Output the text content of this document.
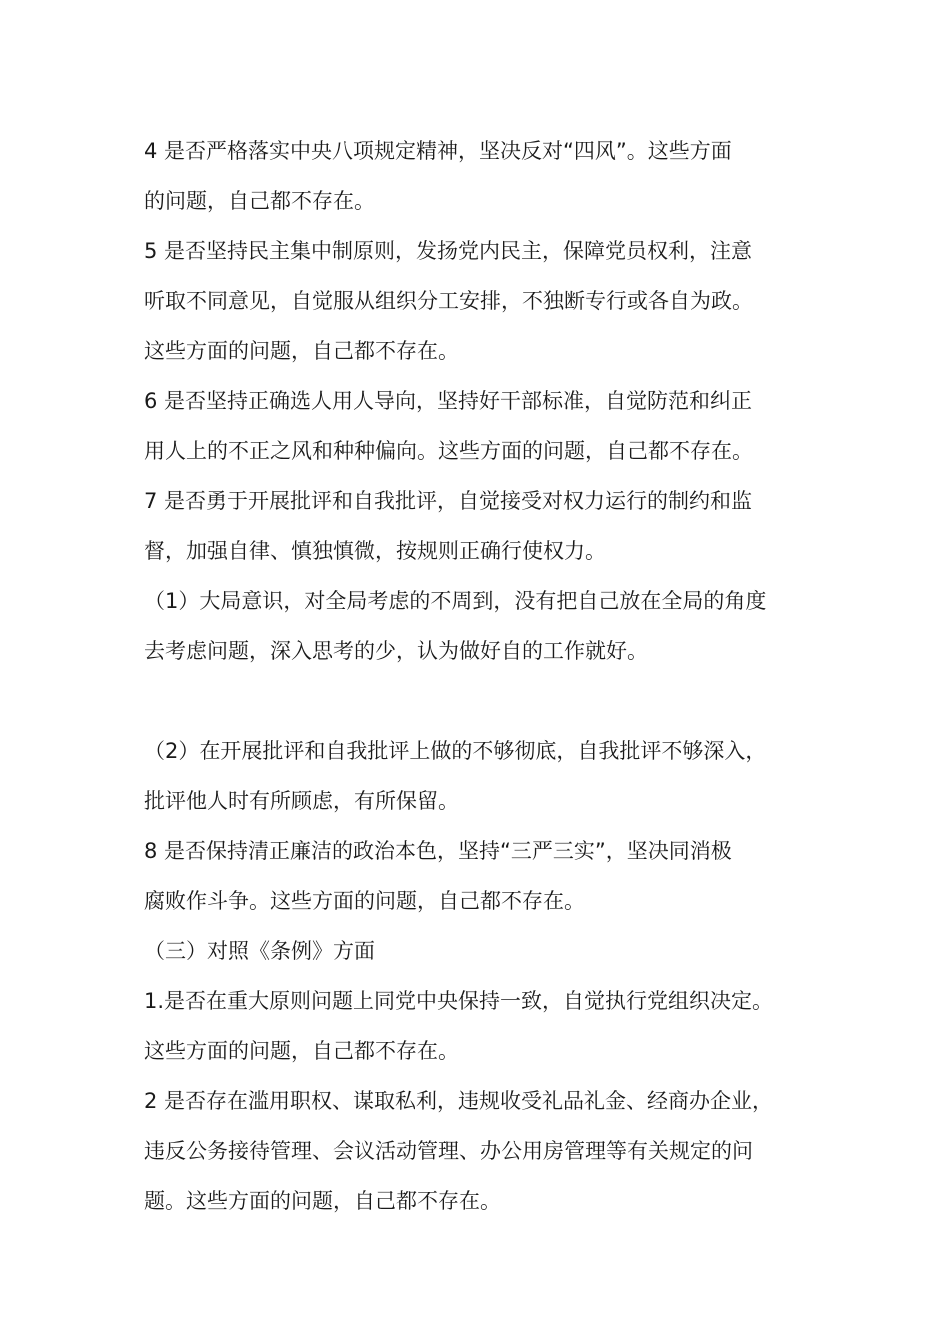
4 是否严格落实中央八项规定精神，坚决反对“四风”。这些方面

的问题，自己都不存在。

5 是否坚持民主集中制原则，发扬党内民主，保障党员权利，注意

听取不同意见，自觉服从组织分工安排，不独断专行或各自为政。

这些方面的问题，自己都不存在。

6 是否坚持正确选人用人导向，坚持好干部标准，自觉防范和纠正

用人上的不正之风和种种偏向。这些方面的问题，自己都不存在。

7 是否勇于开展批评和自我批评，自觉接受对权力运行的制约和监

督，加强自律、慎独慎微，按规则正确行使权力。

（1）大局意识，对全局考虑的不周到，没有把自己放在全局的角度

去考虑问题，深入思考的少，认为做好自的工作就好。

（2）在开展批评和自我批评上做的不够彻底，自我批评不够深入，

批评他人时有所顾虑，有所保留。

8 是否保持清正廉洁的政治本色，坚持“三严三实”，坚决同消极

腐败作斗争。这些方面的问题，自己都不存在。

（三）对照《条例》方面

1.是否在重大原则问题上同党中央保持一致，自觉执行党组织决定。

这些方面的问题，自己都不存在。

2 是否存在滥用职权、谋取私利，违规收受礼品礼金、经商办企业，

违反公务接待管理、会议活动管理、办公用房管理等有关规定的问

题。这些方面的问题，自己都不存在。
